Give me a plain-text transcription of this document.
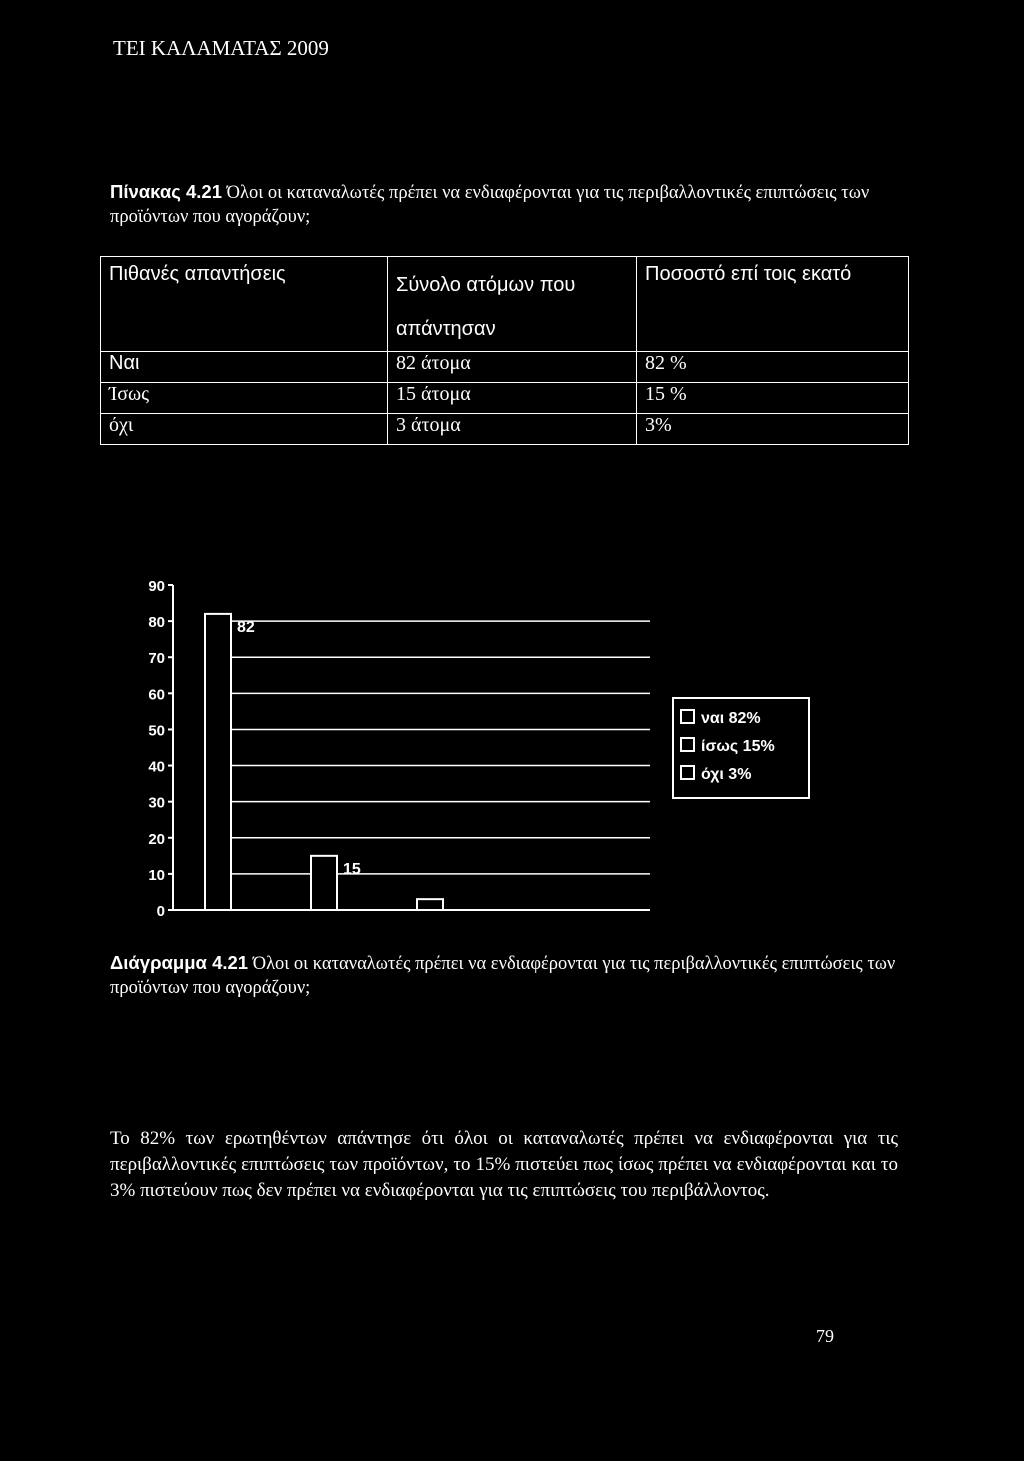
ΤΕΙ ΚΑΛΑΜΑΤΑΣ 2009
Πίνακας 4.21 Όλοι οι καταναλωτές πρέπει να ενδιαφέρονται για τις περιβαλλοντικές επιπτώσεις των προϊόντων που αγοράζουν;
Πιθανές απαντήσεις	Σύνολο ατόμων που απάντησαν	Ποσοστό επί τοις εκατό
Ναι	82 άτομα	82 %
Ίσως	15 άτομα	15 %
όχι	3 άτομα	3%
0
10
20
30
40
50
60
70
80
90
82
15
ναι 82%
ίσως 15%
όχι 3%
Διάγραμμα 4.21 Όλοι οι καταναλωτές πρέπει να ενδιαφέρονται για τις περιβαλλοντικές επιπτώσεις των προϊόντων που αγοράζουν;
Το 82% των ερωτηθέντων απάντησε ότι όλοι οι καταναλωτές πρέπει να ενδιαφέρονται για τις περιβαλλοντικές επιπτώσεις των προϊόντων, το 15% πιστεύει πως ίσως πρέπει να ενδιαφέρονται και το 3% πιστεύουν πως δεν πρέπει να ενδιαφέρονται για τις επιπτώσεις του περιβάλλοντος.
79
